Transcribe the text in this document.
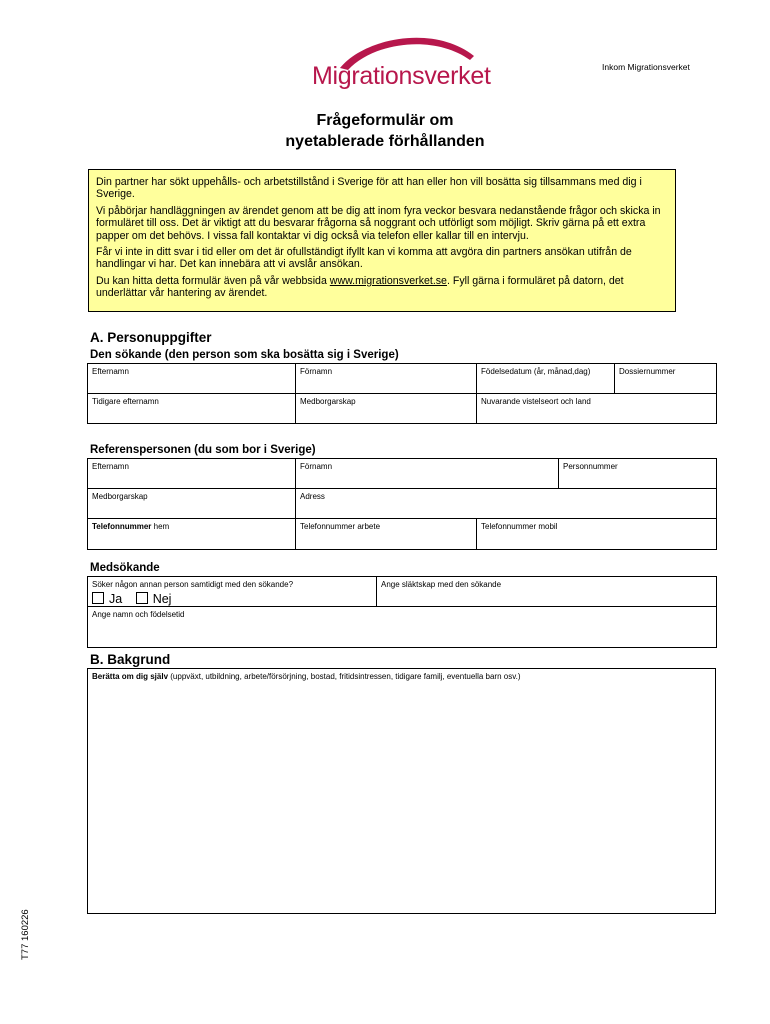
Migrationsverket	Inkom Migrationsverket
Frågeformulär om
nyetablerade förhållanden

Din partner har sökt uppehålls- och arbetstillstånd i Sverige för att han eller hon vill bosätta sig tillsammans med dig i Sverige.

Vi påbörjar handläggningen av ärendet genom att be dig att inom fyra veckor besvara nedanstående frågor och skicka in formuläret till oss. Det är viktigt att du besvarar frågorna så noggrant och utförligt som möjligt. Skriv gärna på ett extra papper om det behövs. I vissa fall kontaktar vi dig också via telefon eller kallar till en intervju.

Får vi inte in ditt svar i tid eller om det är ofullständigt ifyllt kan vi komma att avgöra din partners ansökan utifrån de handlingar vi har. Det kan innebära att vi avslår ansökan.

Du kan hitta detta formulär även på vår webbsida www.migrationsverket.se. Fyll gärna i formuläret på datorn, det underlättar vår hantering av ärendet.

A. Personuppgifter
Den sökande (den person som ska bosätta sig i Sverige)
Efternamn	Förnamn	Födelsedatum (år, månad,dag)	Dossiernummer
Tidigare efternamn	Medborgarskap	Nuvarande vistelseort och land	
Referenspersonen (du som bor i Sverige)
Efternamn	Förnamn		Personnummer
Medborgarskap	Adress		
Telefonnummer hem	Telefonnummer arbete	Telefonnummer mobil	
Medsökande
Söker någon annan person samtidigt med den sökande?
Ja Nej
	Ange släktskap med den sökande
Ange namn och födelsetid
B. Bakgrund
Berätta om dig själv (uppväxt, utbildning, arbete/försörjning, bostad, fritidsintressen, tidigare familj, eventuella barn osv.)
T77 160226
